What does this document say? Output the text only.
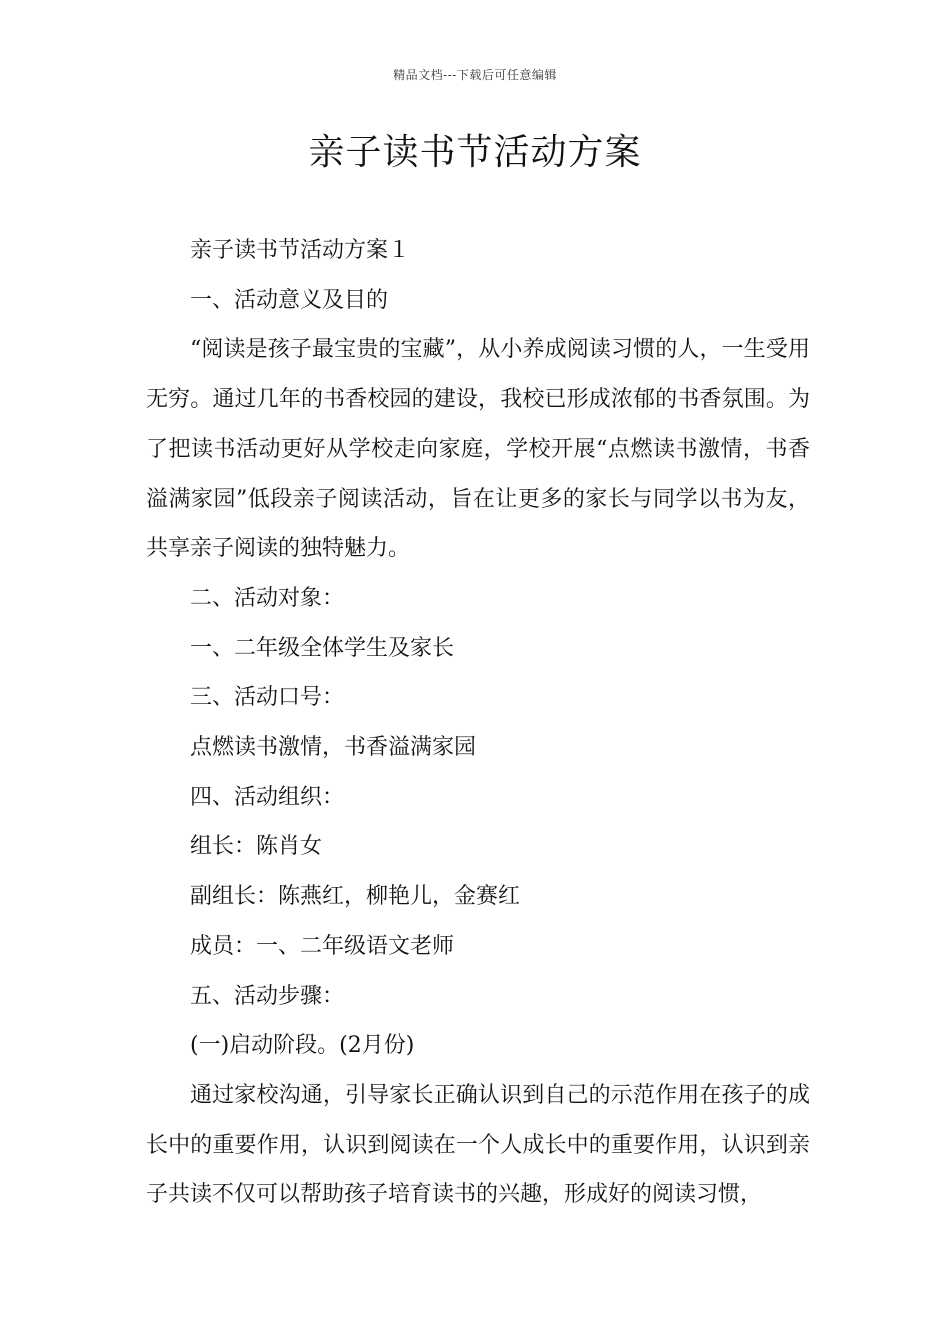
精品文档---下载后可任意编辑
亲子读书节活动方案

亲子读书节活动方案１

一、活动意义及目的

“阅读是孩子最宝贵的宝藏”，从小养成阅读习惯的人，一生受用无穷。通过几年的书香校园的建设，我校已形成浓郁的书香氛围。为了把读书活动更好从学校走向家庭，学校开展“点燃读书激情，书香溢满家园”低段亲子阅读活动，旨在让更多的家长与同学以书为友，共享亲子阅读的独特魅力。

二、活动对象：

一、二年级全体学生及家长

三、活动口号：

点燃读书激情，书香溢满家园

四、活动组织：

组长：陈肖女

副组长：陈燕红，柳艳儿，金赛红

成员：一、二年级语文老师

五、活动步骤：

(一)启动阶段。(2月份)

通过家校沟通，引导家长正确认识到自己的示范作用在孩子的成长中的重要作用，认识到阅读在一个人成长中的重要作用，认识到亲子共读不仅可以帮助孩子培育读书的兴趣，形成好的阅读习惯，
